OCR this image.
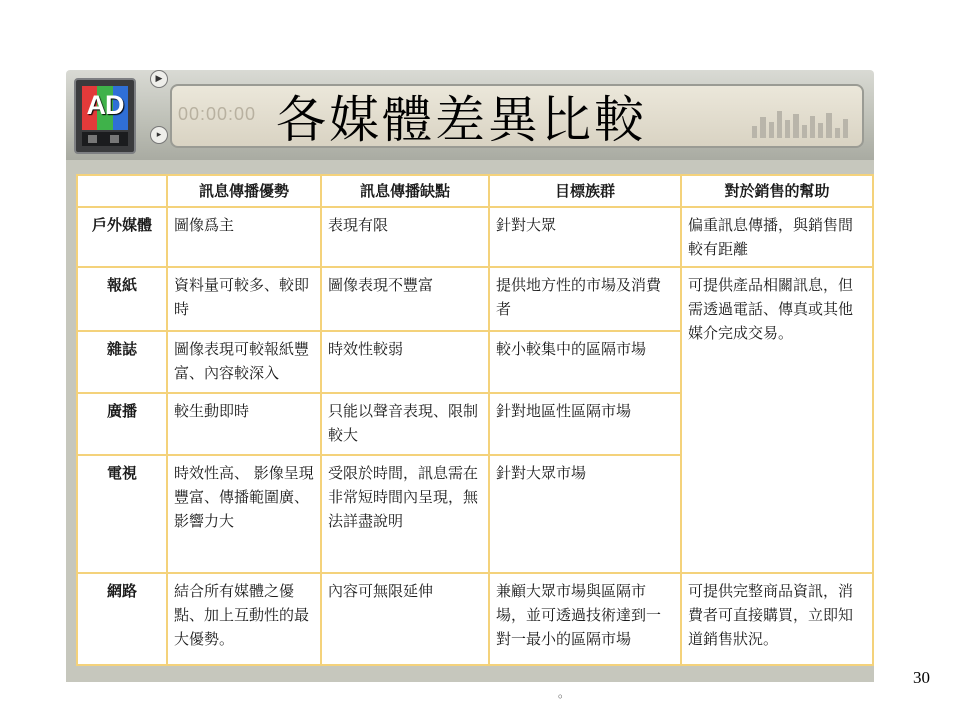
AD
▶
▸
00:00:00 各媒體差異比較
	訊息傳播優勢	訊息傳播缺點	目標族群	對於銷售的幫助
戶外媒體	圖像爲主	表現有限	針對大眾	偏重訊息傳播，與銷售間較有距離
報紙	資料量可較多、較即時	圖像表現不豐富	提供地方性的市場及消費者	可提供產品相關訊息，但需透過電話、傳真或其他媒介完成交易。
雜誌	圖像表現可較報紙豐富、內容較深入	時效性較弱	較小較集中的區隔市場	
廣播	較生動即時	只能以聲音表現、限制較大	針對地區性區隔市場	
電視	時效性高、 影像呈現豐富、傳播範圍廣、影響力大	受限於時間，訊息需在非常短時間內呈現，無法詳盡說明	針對大眾市場	
網路	結合所有媒體之優點、加上互動性的最大優勢。	內容可無限延伸	兼顧大眾市場與區隔市場，並可透過技術達到一對一最小的區隔市場	可提供完整商品資訊，消費者可直接購買，立即知道銷售狀況。
。
30
